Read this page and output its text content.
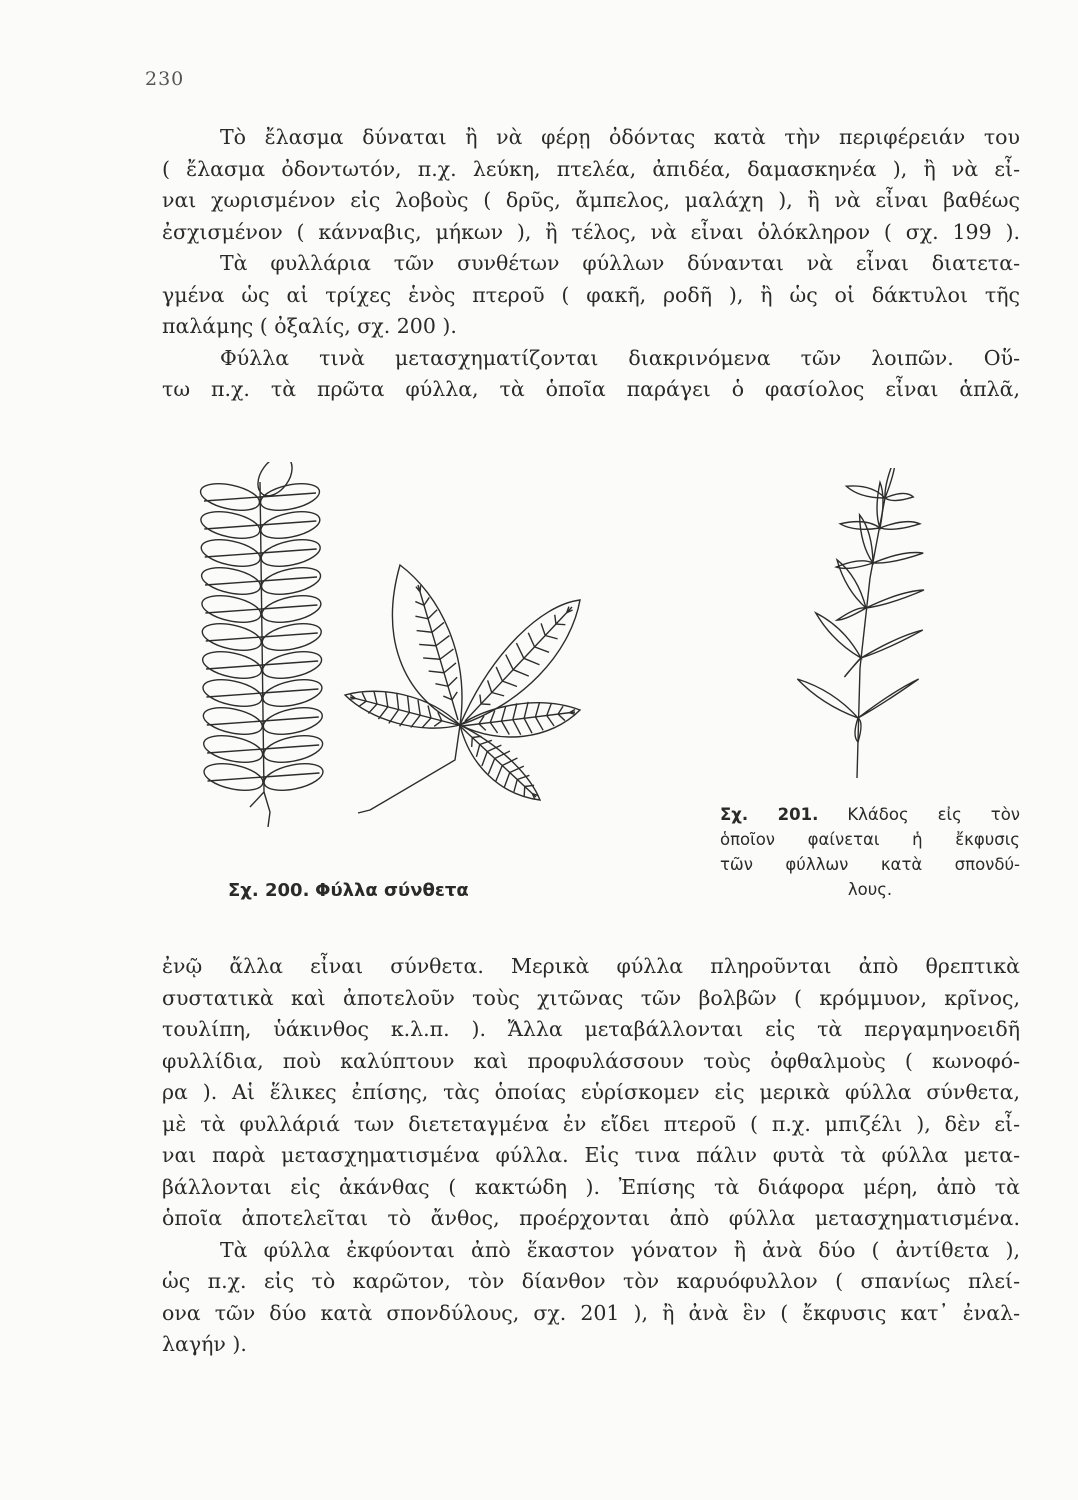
230
Τὸ ἔλασμα δύναται ἢ νὰ φέρῃ ὀδόντας κατὰ τὴν περιφέρειάν του
( ἔλασμα ὀδοντωτόν, π.χ. λεύκη, πτελέα, ἀπιδέα, δαμασκηνέα ), ἢ νὰ εἶ-
ναι χωρισμένον εἰς λοβοὺς ( δρῦς, ἄμπελος, μαλάχη ), ἢ νὰ εἶναι βαθέως
ἐσχισμένον ( κάνναβις, μήκων ), ἢ τέλος, νὰ εἶναι ὁλόκληρον ( σχ. 199 ).
Τὰ φυλλάρια τῶν συνθέτων φύλλων δύνανται νὰ εἶναι διατετα-
γμένα ὡς αἱ τρίχες ἑνὸς πτεροῦ ( φακῆ, ροδῆ ), ἢ ὡς οἱ δάκτυλοι τῆς
παλάμης ( ὀξαλίς, σχ. 200 ).
Φύλλα τινὰ μετασχηματίζονται διακρινόμενα τῶν λοιπῶν. Οὕ-
τω π.χ. τὰ πρῶτα φύλλα, τὰ ὁποῖα παράγει ὁ φασίολος εἶναι ἁπλᾶ,
Σχ. 200. Φύλλα σύνθετα
Σχ. 201. Κλάδος εἰς τὸν
ὁποῖον φαίνεται ἡ ἔκφυσις
τῶν φύλλων κατὰ σπονδύ-
λους.
ἐνῷ ἄλλα εἶναι σύνθετα. Μερικὰ φύλλα πληροῦνται ἀπὸ θρεπτικὰ
συστατικὰ καὶ ἀποτελοῦν τοὺς χιτῶνας τῶν βολβῶν ( κρόμμυον, κρῖνος,
τουλίπη, ὑάκινθος κ.λ.π. ). Ἄλλα μεταβάλλονται εἰς τὰ περγαμηνοειδῆ
φυλλίδια, ποὺ καλύπτουν καὶ προφυλάσσουν τοὺς ὀφθαλμοὺς ( κωνοφό-
ρα ). Αἱ ἕλικες ἐπίσης, τὰς ὁποίας εὑρίσκομεν εἰς μερικὰ φύλλα σύνθετα,
μὲ τὰ φυλλάριά των διετεταγμένα ἐν εἴδει πτεροῦ ( π.χ. μπιζέλι ), δὲν εἶ-
ναι παρὰ μετασχηματισμένα φύλλα. Εἰς τινα πάλιν φυτὰ τὰ φύλλα μετα-
βάλλονται εἰς ἀκάνθας ( κακτώδη ). Ἐπίσης τὰ διάφορα μέρη, ἀπὸ τὰ
ὁποῖα ἀποτελεῖται τὸ ἄνθος, προέρχονται ἀπὸ φύλλα μετασχηματισμένα.
Τὰ φύλλα ἐκφύονται ἀπὸ ἕκαστον γόνατον ἢ ἀνὰ δύο ( ἀντίθετα ),
ὡς π.χ. εἰς τὸ καρῶτον, τὸν δίανθον τὸν καρυόφυλλον ( σπανίως πλεί-
ονα τῶν δύο κατὰ σπονδύλους, σχ. 201 ), ἢ ἀνὰ ἓν ( ἔκφυσις κατ᾽ ἐναλ-
λαγήν ).
